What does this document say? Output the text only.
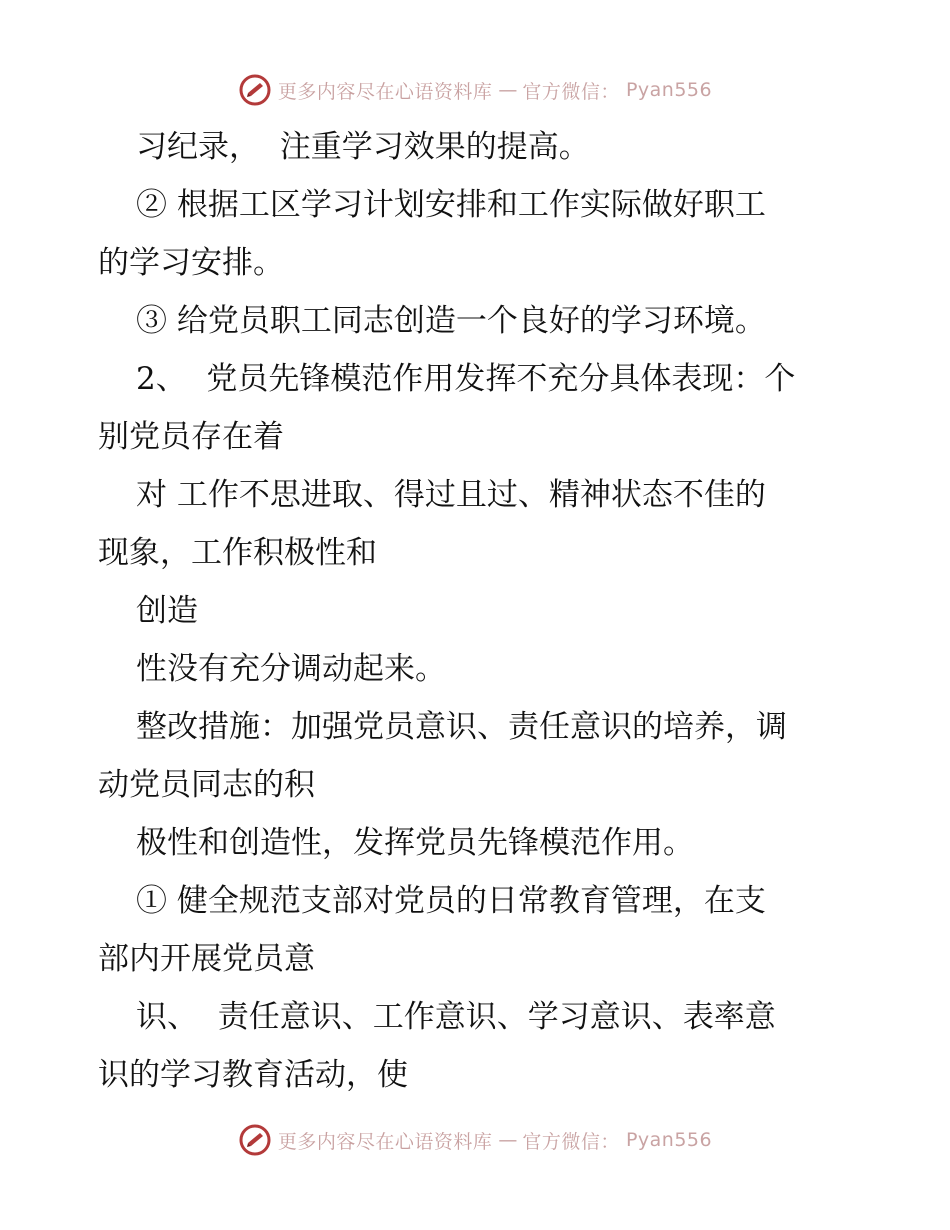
更多内容尽在心语资料库 — 官方微信： Pyan556
习纪录，  注重学习效果的提高。
② 根据工区学习计划安排和工作实际做好职工
的学习安排。
③ 给党员职工同志创造一个良好的学习环境。
2、  党员先锋模范作用发挥不充分具体表现：个
别党员存在着
对 工作不思进取、得过且过、精神状态不佳的
现象，工作积极性和
创造
性没有充分调动起来。
整改措施：加强党员意识、责任意识的培养，调
动党员同志的积
极性和创造性，发挥党员先锋模范作用。
① 健全规范支部对党员的日常教育管理，在支
部内开展党员意
识、  责任意识、工作意识、学习意识、表率意
识的学习教育活动，使
更多内容尽在心语资料库 — 官方微信： Pyan556
